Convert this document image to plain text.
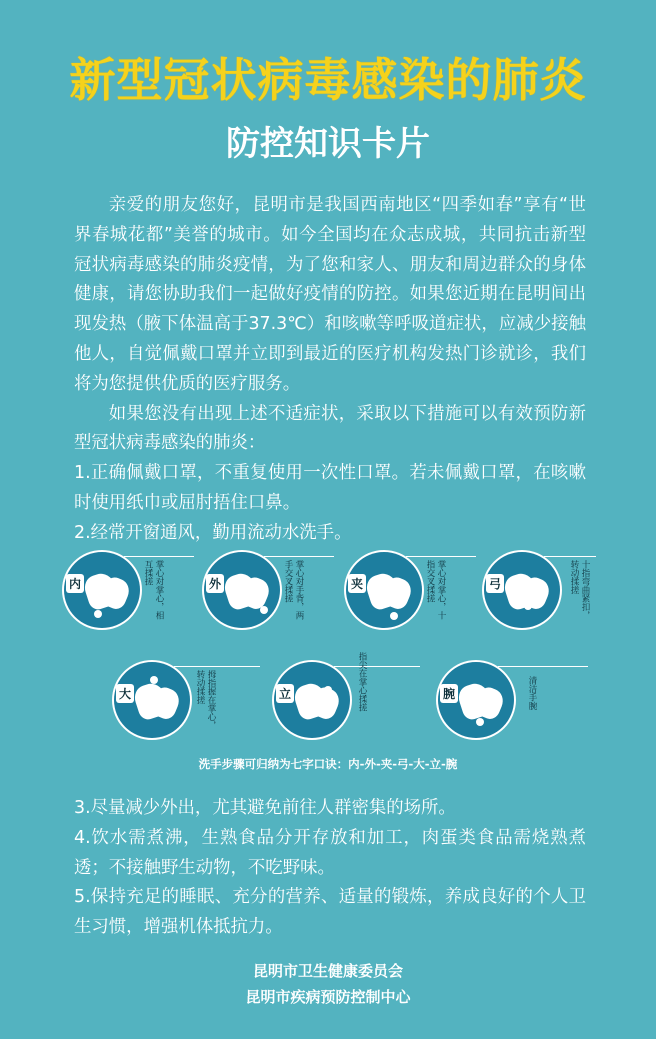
新型冠状病毒感染的肺炎
防控知识卡片

亲爱的朋友您好，昆明市是我国西南地区“四季如春”享有“世界春城花都”美誉的城市。如今全国均在众志成城，共同抗击新型冠状病毒感染的肺炎疫情，为了您和家人、朋友和周边群众的身体健康，请您协助我们一起做好疫情的防控。如果您近期在昆明间出现发热（腋下体温高于37.3℃）和咳嗽等呼吸道症状，应减少接触他人，自觉佩戴口罩并立即到最近的医疗机构发热门诊就诊，我们将为您提供优质的医疗服务。

如果您没有出现上述不适症状，采取以下措施可以有效预防新型冠状病毒感染的肺炎：

1.正确佩戴口罩，不重复使用一次性口罩。若未佩戴口罩，在咳嗽时使用纸巾或屈肘捂住口鼻。

2.经常开窗通风，勤用流动水洗手。

内	掌心对掌心，相互揉搓	外	掌心对手背，两手交叉揉搓	夹	掌心对掌心，十指交叉揉搓	弓	十指弯曲紧扣，转动揉搓
大	拇指握在掌心，转动揉搓	立	指尖在掌心揉搓	腕	清洁手腕
洗手步骤可归纳为七字口诀：内-外-夹-弓-大-立-腕

3.尽量减少外出，尤其避免前往人群密集的场所。

4.饮水需煮沸，生熟食品分开存放和加工，肉蛋类食品需烧熟煮透；不接触野生动物，不吃野味。

5.保持充足的睡眠、充分的营养、适量的锻炼，养成良好的个人卫生习惯，增强机体抵抗力。

昆明市卫生健康委员会
昆明市疾病预防控制中心
